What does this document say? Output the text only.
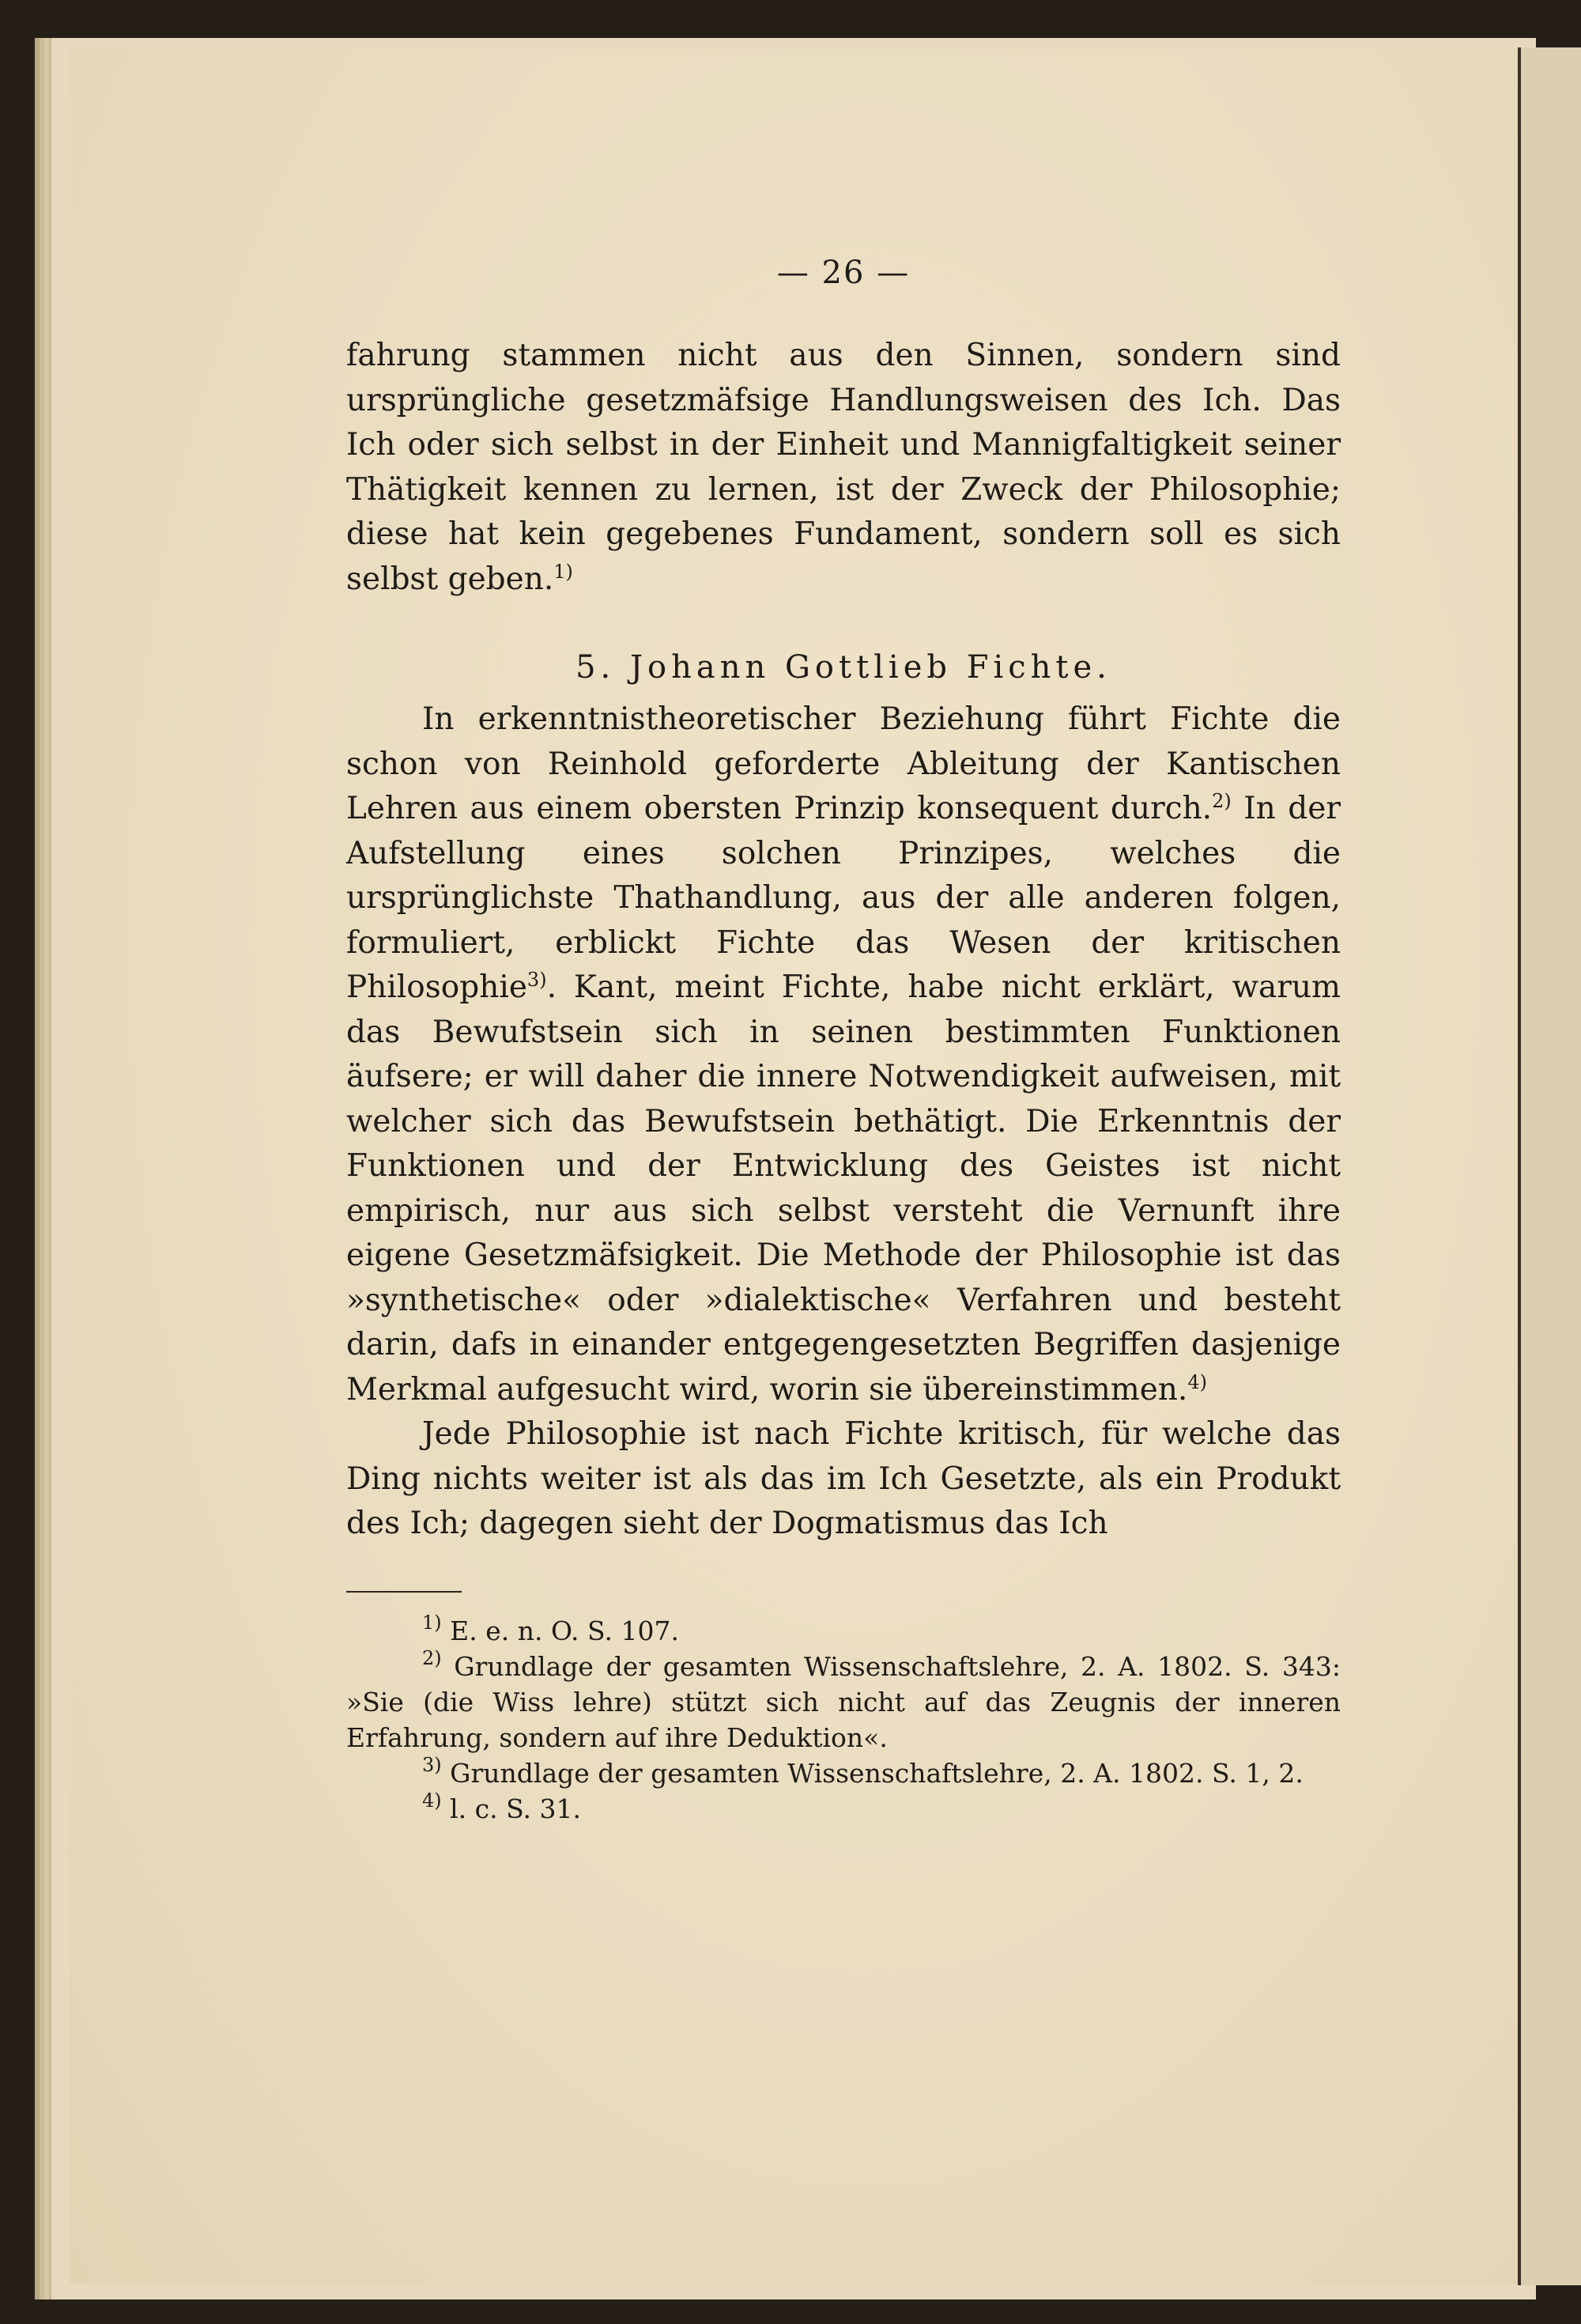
— 26 —

fahrung stammen nicht aus den Sinnen, sondern sind ursprüngliche gesetzmäfsige Handlungsweisen des Ich. Das Ich oder sich selbst in der Einheit und Mannigfaltigkeit seiner Thätigkeit kennen zu lernen, ist der Zweck der Philosophie; diese hat kein gegebenes Fundament, sondern soll es sich selbst geben.$^{1)}$

5. Johann Gottlieb Fichte.

In erkenntnistheoretischer Beziehung führt Fichte die schon von Reinhold geforderte Ableitung der Kantischen Lehren aus einem obersten Prinzip konsequent durch.$^{2)}$ In der Aufstellung eines solchen Prinzipes, welches die ursprünglichste Thathandlung, aus der alle anderen folgen, formuliert, erblickt Fichte das Wesen der kritischen Philosophie$^{3)}$. Kant, meint Fichte, habe nicht erklärt, warum das Bewufstsein sich in seinen bestimmten Funktionen äufsere; er will daher die innere Notwendigkeit aufweisen, mit welcher sich das Bewufstsein bethätigt. Die Erkenntnis der Funktionen und der Entwicklung des Geistes ist nicht empirisch, nur aus sich selbst versteht die Vernunft ihre eigene Gesetzmäfsigkeit. Die Methode der Philosophie ist das »synthetische« oder »dialektische« Verfahren und besteht darin, dafs in einander entgegengesetzten Begriffen dasjenige Merkmal aufgesucht wird, worin sie übereinstimmen.$^{4)}$

Jede Philosophie ist nach Fichte kritisch, für welche das Ding nichts weiter ist als das im Ich Gesetzte, als ein Produkt des Ich; dagegen sieht der Dogmatismus das Ich

$^{1)}$ E. e. n. O. S. 107.

$^{2)}$ Grundlage der gesamten Wissenschaftslehre, 2. A. 1802. S. 343: »Sie (die Wiss lehre) stützt sich nicht auf das Zeugnis der inneren Erfahrung, sondern auf ihre Deduktion«.

$^{3)}$ Grundlage der gesamten Wissenschaftslehre, 2. A. 1802. S. 1, 2.

$^{4)}$ l. c. S. 31.
